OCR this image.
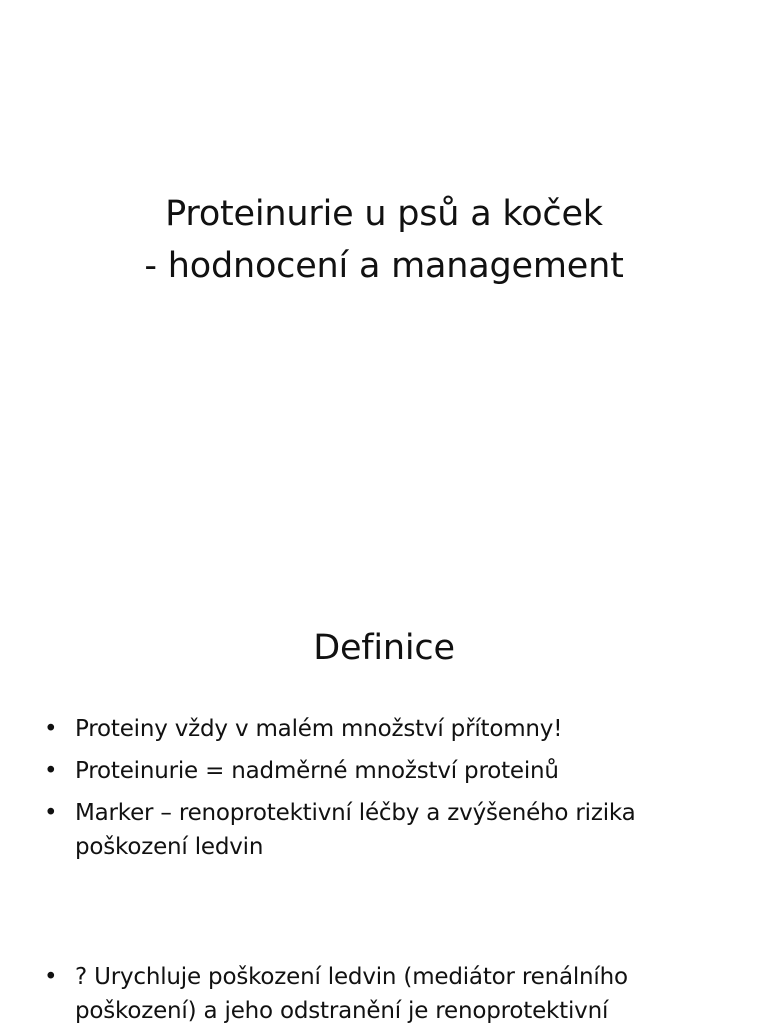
Proteinurie u psů a koček
- hodnocení a management
Definice
• Proteiny vždy v malém množství přítomny!
• Proteinurie = nadměrné množství proteinů
• Marker – renoprotektivní léčby a zvýšeného rizika poškození ledvin
• ? Urychluje poškození ledvin (mediátor renálního poškození) a jeho odstranění je renoprotektivní
